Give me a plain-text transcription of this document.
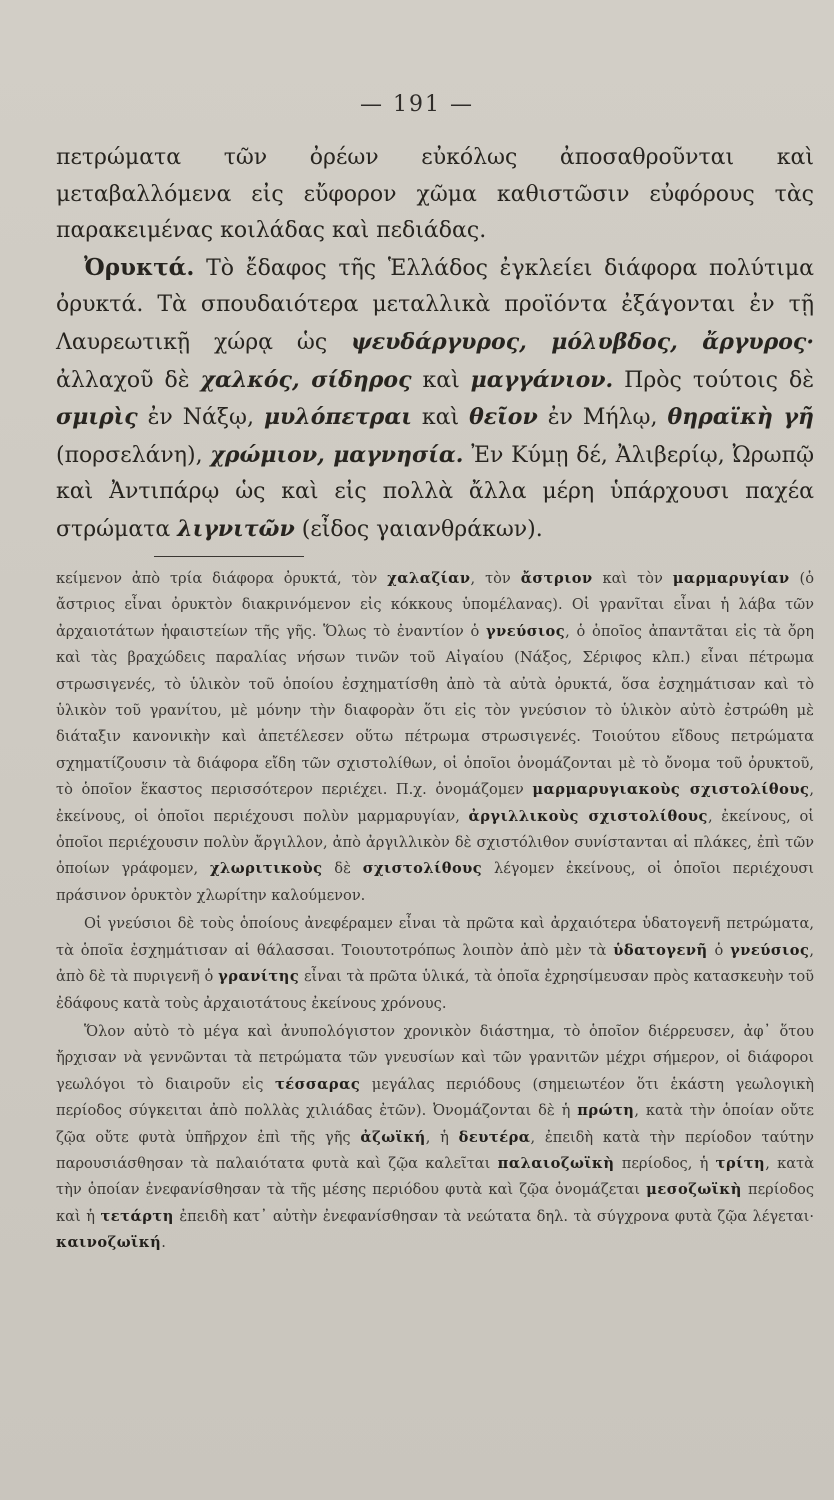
— 191 —

πετρώματα τῶν ὀρέων εὐκόλως ἀποσαθροῦνται καὶ μεταβαλλόμενα εἰς εὔφορον χῶμα καθιστῶσιν εὐφόρους τὰς παρακειμένας κοιλάδας καὶ πεδιάδας.

Ὀρυκτά. Τὸ ἔδαφος τῆς Ἑλλάδος ἐγκλείει διάφορα πολύτιμα ὀρυκτά. Τὰ σπουδαιότερα μεταλλικὰ προϊόντα ἐξάγονται ἐν τῇ Λαυρεωτικῇ χώρᾳ ὡς ψευδάργυρος, μόλυβδος, ἄργυρος· ἀλλαχοῦ δὲ χαλκός, σίδηρος καὶ μαγγάνιον. Πρὸς τούτοις δὲ σμιρὶς ἐν Νάξῳ, μυλόπετραι καὶ θεῖον ἐν Μήλῳ, θηραϊκὴ γῆ (πορσελάνη), χρώμιον, μαγνησία. Ἐν Κύμῃ δέ, Ἀλιβερίῳ, Ὠρωπῷ καὶ Ἀντιπάρῳ ὡς καὶ εἰς πολλὰ ἄλλα μέρη ὑπάρχουσι παχέα στρώματα λιγνιτῶν (εἶδος γαιανθράκων).

κείμενον ἀπὸ τρία διάφορα ὀρυκτά, τὸν χαλαζίαν, τὸν ἄστριον καὶ τὸν μαρμαρυγίαν (ὁ ἄστριος εἶναι ὀρυκτὸν διακρινόμενον εἰς κόκκους ὑπομέλανας). Οἱ γρανῖται εἶναι ἡ λάβα τῶν ἀρχαιοτάτων ἡφαιστείων τῆς γῆς. Ὅλως τὸ ἐναντίον ὁ γνεύσιος, ὁ ὁποῖος ἀπαντᾶται εἰς τὰ ὄρη καὶ τὰς βραχώδεις παραλίας νήσων τινῶν τοῦ Αἰγαίου (Νάξος, Σέριφος κλπ.) εἶναι πέτρωμα στρωσιγενές, τὸ ὑλικὸν τοῦ ὁποίου ἐσχηματίσθη ἀπὸ τὰ αὐτὰ ὀρυκτά, ὅσα ἐσχημάτισαν καὶ τὸ ὑλικὸν τοῦ γρανίτου, μὲ μόνην τὴν διαφορὰν ὅτι εἰς τὸν γνεύσιον τὸ ὑλικὸν αὐτὸ ἐστρώθη μὲ διάταξιν κανονικὴν καὶ ἀπετέλεσεν οὕτω πέτρωμα στρωσιγενές. Τοιούτου εἴδους πετρώματα σχηματίζουσιν τὰ διάφορα εἴδη τῶν σχιστολίθων, οἱ ὁποῖοι ὀνομάζονται μὲ τὸ ὄνομα τοῦ ὀρυκτοῦ, τὸ ὁποῖον ἕκαστος περισσότερον περιέχει. Π.χ. ὀνομάζομεν μαρμαρυγιακοὺς σχιστολίθους, ἐκείνους, οἱ ὁποῖοι περιέχουσι πολὺν μαρμαρυγίαν, ἀργιλλικοὺς σχιστολίθους, ἐκείνους, οἱ ὁποῖοι περιέχουσιν πολὺν ἄργιλλον, ἀπὸ ἀργιλλικὸν δὲ σχιστόλιθον συνίστανται αἱ πλάκες, ἐπὶ τῶν ὁποίων γράφομεν, χλωριτικοὺς δὲ σχιστολίθους λέγομεν ἐκείνους, οἱ ὁποῖοι περιέχουσι πράσινον ὀρυκτὸν χλωρίτην καλούμενον.

Οἱ γνεύσιοι δὲ τοὺς ὁποίους ἀνεφέραμεν εἶναι τὰ πρῶτα καὶ ἀρχαιότερα ὑδατογενῆ πετρώματα, τὰ ὁποῖα ἐσχημάτισαν αἱ θάλασσαι. Τοιουτοτρόπως λοιπὸν ἀπὸ μὲν τὰ ὑδατογενῆ ὁ γνεύσιος, ἀπὸ δὲ τὰ πυριγενῆ ὁ γρανίτης εἶναι τὰ πρῶτα ὑλικά, τὰ ὁποῖα ἐχρησίμευσαν πρὸς κατασκευὴν τοῦ ἐδάφους κατὰ τοὺς ἀρχαιοτάτους ἐκείνους χρόνους.

Ὅλον αὐτὸ τὸ μέγα καὶ ἀνυπολόγιστον χρονικὸν διάστημα, τὸ ὁποῖον διέρρευσεν, ἀφ᾽ ὅτου ἤρχισαν νὰ γεννῶνται τὰ πετρώματα τῶν γνευσίων καὶ τῶν γρανιτῶν μέχρι σήμερον, οἱ διάφοροι γεωλόγοι τὸ διαιροῦν εἰς τέσσαρας μεγάλας περιόδους (σημειωτέον ὅτι ἑκάστη γεωλογικὴ περίοδος σύγκειται ἀπὸ πολλὰς χιλιάδας ἐτῶν). Ὀνομάζονται δὲ ἡ πρώτη, κατὰ τὴν ὁποίαν οὔτε ζῷα οὔτε φυτὰ ὑπῆρχον ἐπὶ τῆς γῆς ἀζωϊκή, ἡ δευτέρα, ἐπειδὴ κατὰ τὴν περίοδον ταύτην παρουσιάσθησαν τὰ παλαιότατα φυτὰ καὶ ζῷα καλεῖται παλαιοζωϊκὴ περίοδος, ἡ τρίτη, κατὰ τὴν ὁποίαν ἐνεφανίσθησαν τὰ τῆς μέσης περιόδου φυτὰ καὶ ζῷα ὀνομάζεται μεσοζωϊκὴ περίοδος καὶ ἡ τετάρτη ἐπειδὴ κατ᾽ αὐτὴν ἐνεφανίσθησαν τὰ νεώτατα δηλ. τὰ σύγχρονα φυτὰ ζῷα λέγεται· καινοζωϊκή.
